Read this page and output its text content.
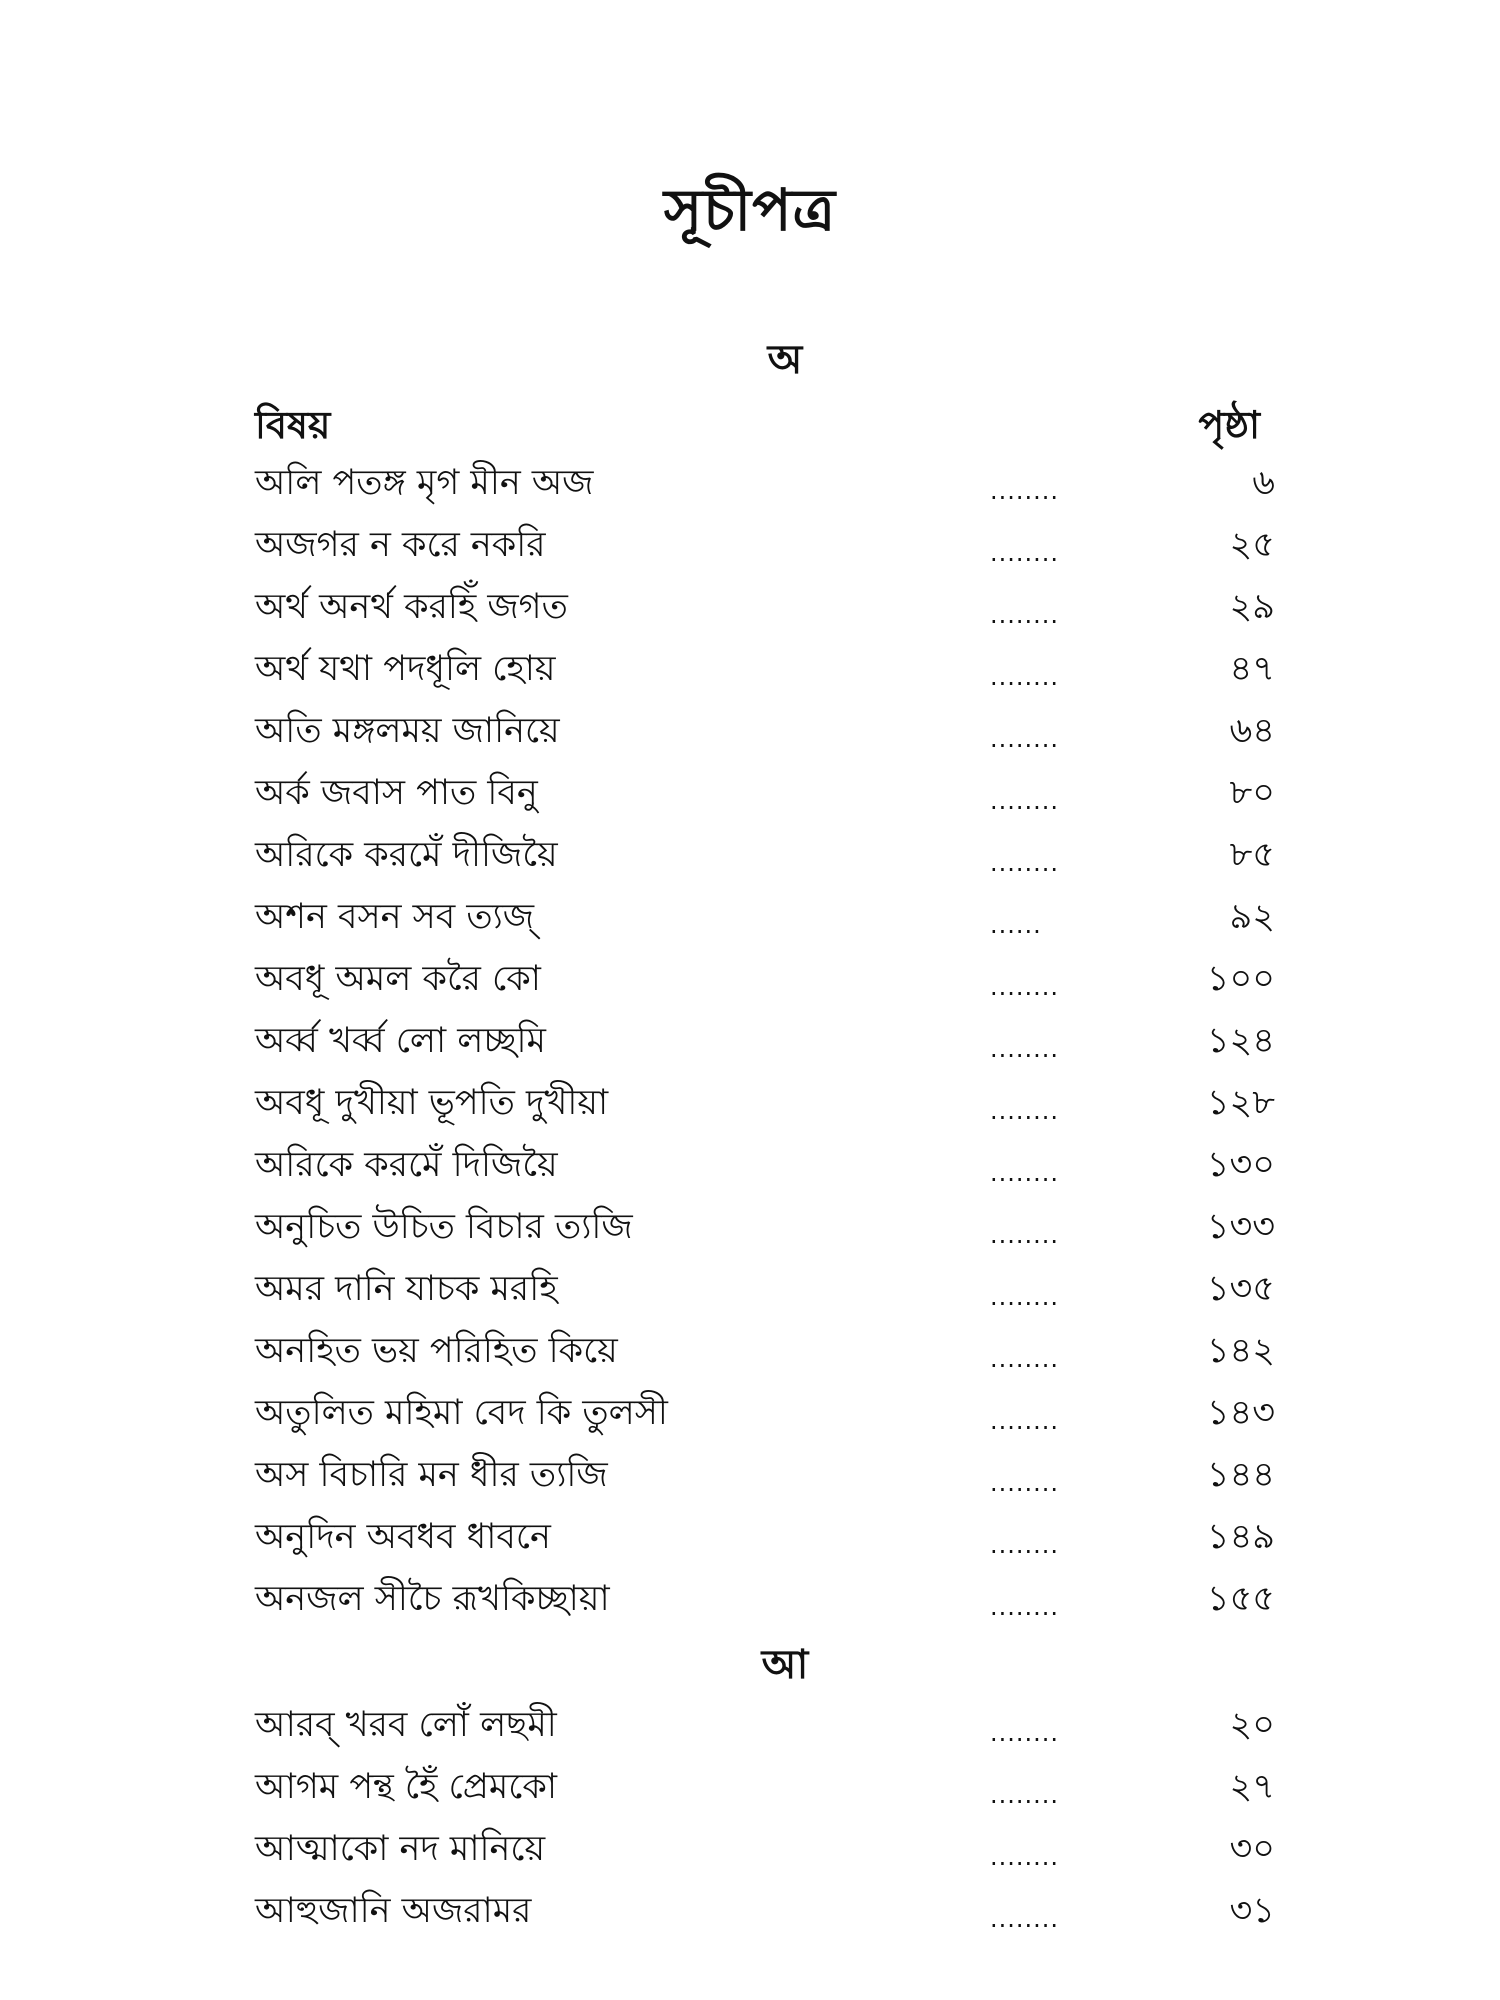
সূচীপত্র
অ
বিষয়	পৃষ্ঠা
আ
অলি পতঙ্গ মৃগ মীন অজ	........	৬
অজগর ন করে নকরি	........	২৫
অর্থ অনর্থ করহিঁ জগত	........	২৯
অর্থ যথা পদধূলি হোয়	........	৪৭
অতি মঙ্গলময় জানিয়ে	........	৬৪
অর্ক জবাস পাত বিনু	........	৮০
অরিকে করমেঁ দীজিয়ৈ	........	৮৫
অশন বসন সব ত্যজ্	......	৯২
অবধূ অমল করৈ কো	........	১০০
অর্ব্ব খর্ব্ব লো লচ্ছমি	........	১২৪
অবধূ দুখীয়া ভূপতি দুখীয়া	........	১২৮
অরিকে করমেঁ দিজিয়ৈ	........	১৩০
অনুচিত উচিত বিচার ত্যজি	........	১৩৩
অমর দানি যাচক মরহি	........	১৩৫
অনহিত ভয় পরিহিত কিয়ে	........	১৪২
অতুলিত মহিমা বেদ কি তুলসী	........	১৪৩
অস বিচারি মন ধীর ত্যজি	........	১৪৪
অনুদিন অবধব ধাবনে	........	১৪৯
অনজল সীচৈ রূখকিচ্ছায়া	........	১৫৫
আরব্ খরব লোঁ লছমী	........	২০
আগম পন্থ হৈঁ প্রেমকো	........	২৭
আত্মাকো নদ মানিয়ে	........	৩০
আহুজানি অজরামর	........	৩১
